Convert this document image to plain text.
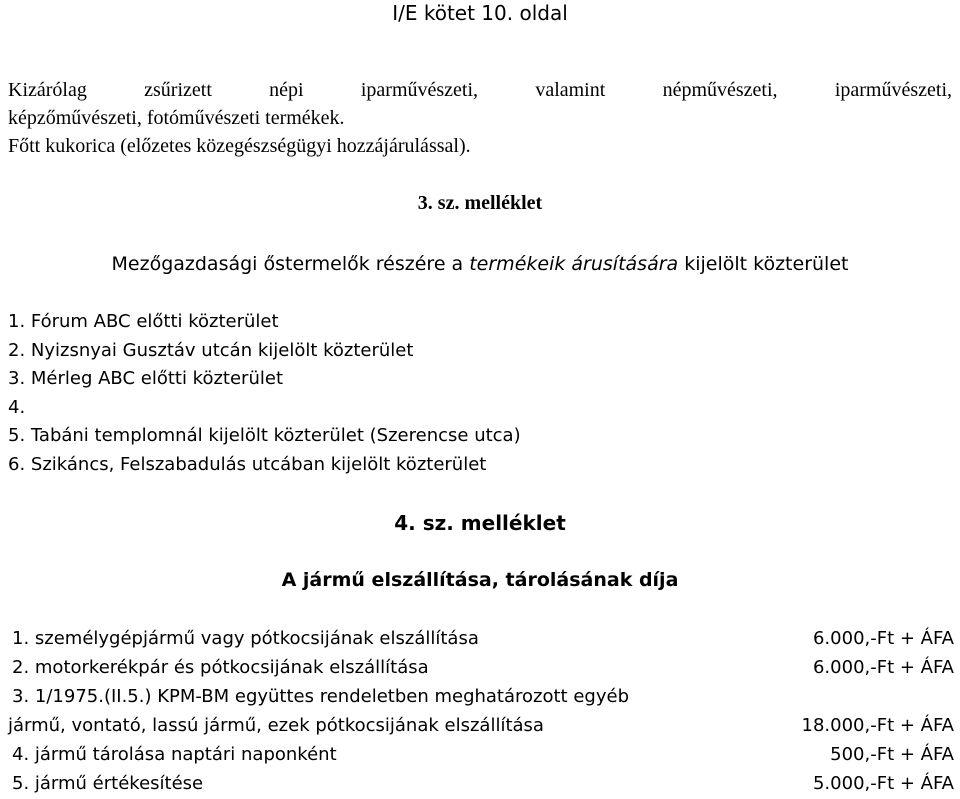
I/E kötet 10. oldal
Kizárólag zsűrizett népi iparművészeti, valamint népművészeti, iparművészeti,
képzőművészeti, fotóművészeti termékek.
Főtt kukorica (előzetes közegészségügyi hozzájárulással).
3. sz. melléklet
Mezőgazdasági őstermelők részére a termékeik árusítására kijelölt közterület
1. Fórum ABC előtti közterület
2. Nyizsnyai Gusztáv utcán kijelölt közterület
3. Mérleg ABC előtti közterület
4.
5. Tabáni templomnál kijelölt közterület (Szerencse utca)
6. Szikáncs, Felszabadulás utcában kijelölt közterület
4. sz. melléklet
A jármű elszállítása, tárolásának díja
1. személygépjármű vagy pótkocsijának elszállítása	6.000,-Ft + ÁFA
2. motorkerékpár és pótkocsijának elszállítása	6.000,-Ft + ÁFA
3. 1/1975.(II.5.) KPM-BM együttes rendeletben meghatározott egyéb
jármű, vontató, lassú jármű, ezek pótkocsijának elszállítása	18.000,-Ft + ÁFA
4. jármű tárolása naptári naponként	500,-Ft + ÁFA
5. jármű értékesítése	5.000,-Ft + ÁFA
